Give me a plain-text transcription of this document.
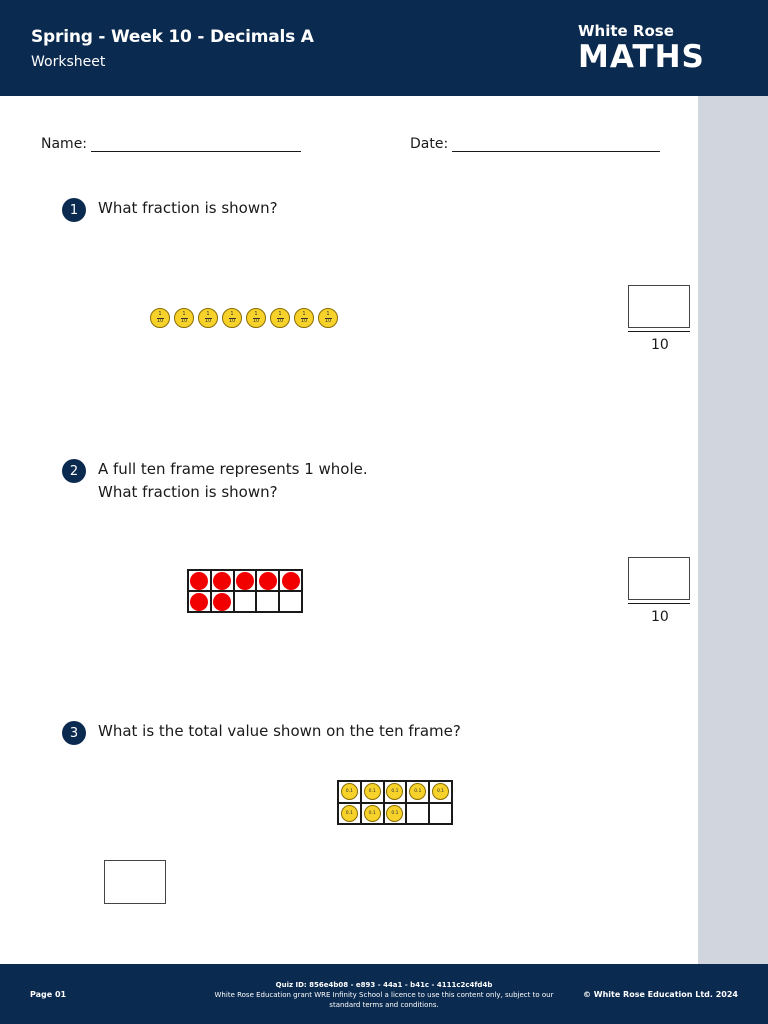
Spring - Week 10 - Decimals A
Worksheet
White Rose
MATHS
Name:	Date:
1	What fraction is shown?
1
10
1
10
1
10
1
10
1
10
1
10
1
10
1
10
10
2	A full ten frame represents 1 whole.
What fraction is shown?
10
3	What is the total value shown on the ten frame?
0.1	0.1	0.1	0.1	0.1
0.1	0.1	0.1
Page 01
Quiz ID: 856e4b08 - e893 - 44a1 - b41c - 4111c2c4fd4b
White Rose Education grant WRE Infinity School a licence to use this content only, subject to our standard terms and conditions.
© White Rose Education Ltd. 2024
